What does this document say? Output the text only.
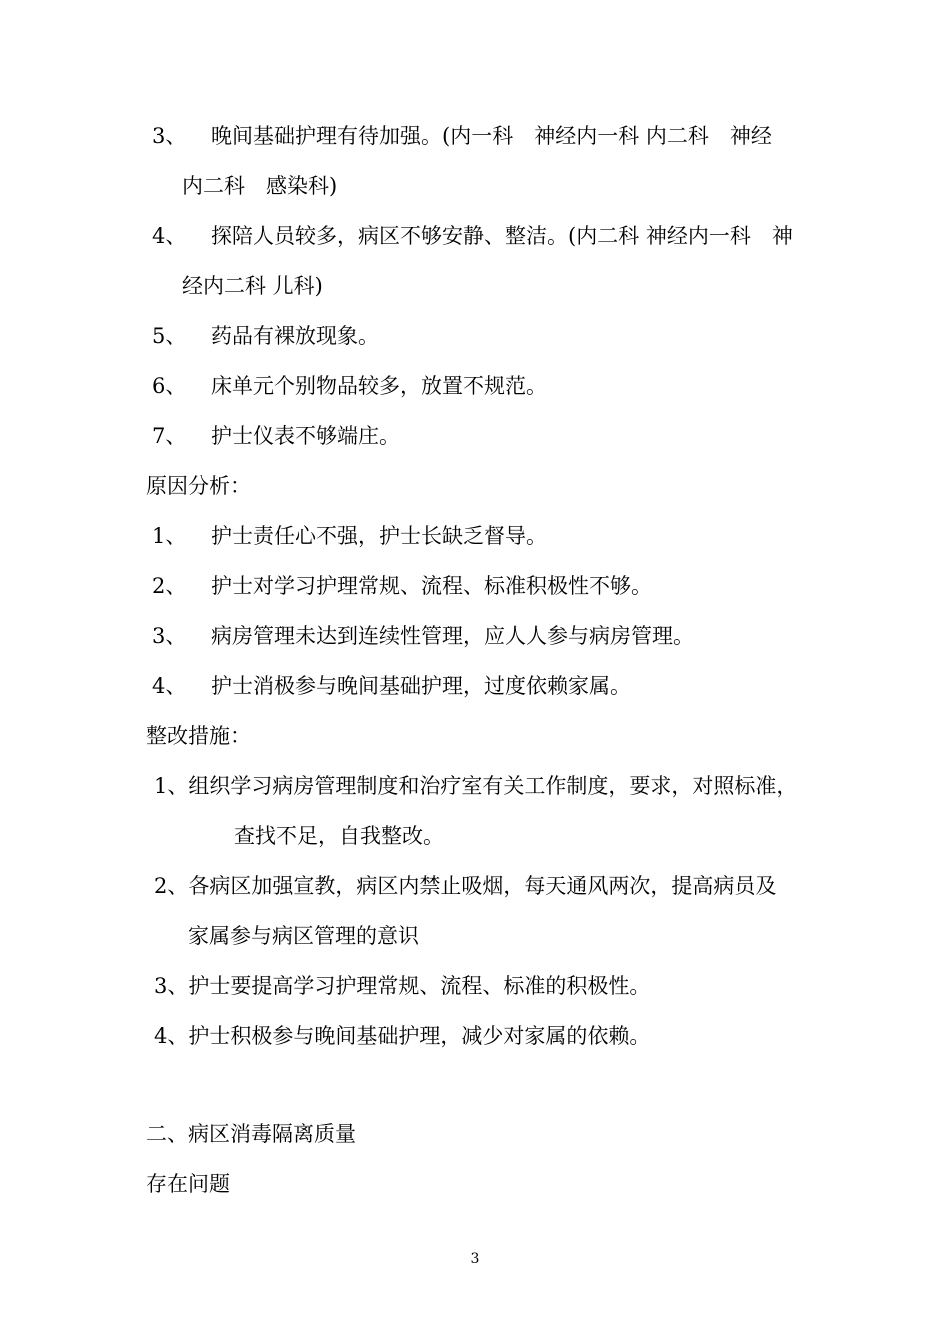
3、 晚间基础护理有待加强。(内一科　神经内一科 内二科　神经
内二科　感染科)
4、 探陪人员较多，病区不够安静、整洁。(内二科 神经内一科　神
经内二科 儿科)
5、 药品有裸放现象。
6、 床单元个别物品较多，放置不规范。
7、 护士仪表不够端庄。
原因分析：
1、 护士责任心不强，护士长缺乏督导。
2、 护士对学习护理常规、流程、标准积极性不够。
3、 病房管理未达到连续性管理，应人人参与病房管理。
4、 护士消极参与晚间基础护理，过度依赖家属。
整改措施：
1、组织学习病房管理制度和治疗室有关工作制度，要求，对照标准，
查找不足，自我整改。
2、各病区加强宣教，病区内禁止吸烟，每天通风两次，提高病员及
家属参与病区管理的意识
3、护士要提高学习护理常规、流程、标准的积极性。
4、护士积极参与晚间基础护理，减少对家属的依赖。
二、病区消毒隔离质量
存在问题
3
